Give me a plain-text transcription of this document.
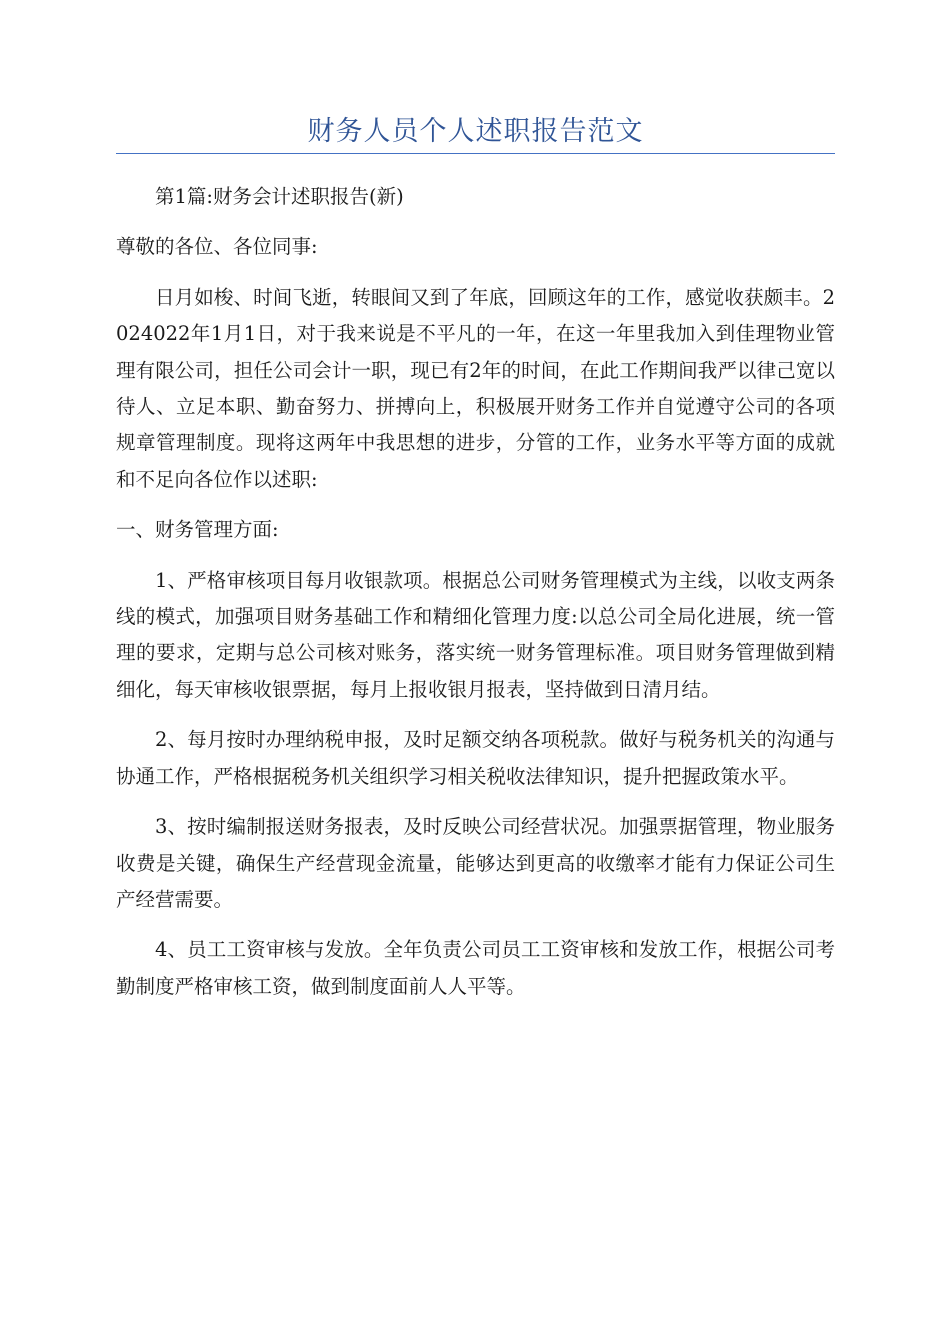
财务人员个人述职报告范文

第1篇:财务会计述职报告(新)

尊敬的各位、各位同事:

日月如梭、时间飞逝，转眼间又到了年底，回顾这年的工作，感觉收获颇丰。2024022年1月1日，对于我来说是不平凡的一年，在这一年里我加入到佳理物业管理有限公司，担任公司会计一职，现已有2年的时间，在此工作期间我严以律己宽以待人、立足本职、勤奋努力、拼搏向上，积极展开财务工作并自觉遵守公司的各项规章管理制度。现将这两年中我思想的进步，分管的工作，业务水平等方面的成就和不足向各位作以述职:

一、财务管理方面:

1、严格审核项目每月收银款项。根据总公司财务管理模式为主线，以收支两条线的模式，加强项目财务基础工作和精细化管理力度:以总公司全局化进展，统一管理的要求，定期与总公司核对账务，落实统一财务管理标准。项目财务管理做到精细化，每天审核收银票据，每月上报收银月报表，坚持做到日清月结。

2、每月按时办理纳税申报，及时足额交纳各项税款。做好与税务机关的沟通与协通工作，严格根据税务机关组织学习相关税收法律知识，提升把握政策水平。

3、按时编制报送财务报表，及时反映公司经营状况。加强票据管理，物业服务收费是关键，确保生产经营现金流量，能够达到更高的收缴率才能有力保证公司生产经营需要。

4、员工工资审核与发放。全年负责公司员工工资审核和发放工作，根据公司考勤制度严格审核工资，做到制度面前人人平等。
